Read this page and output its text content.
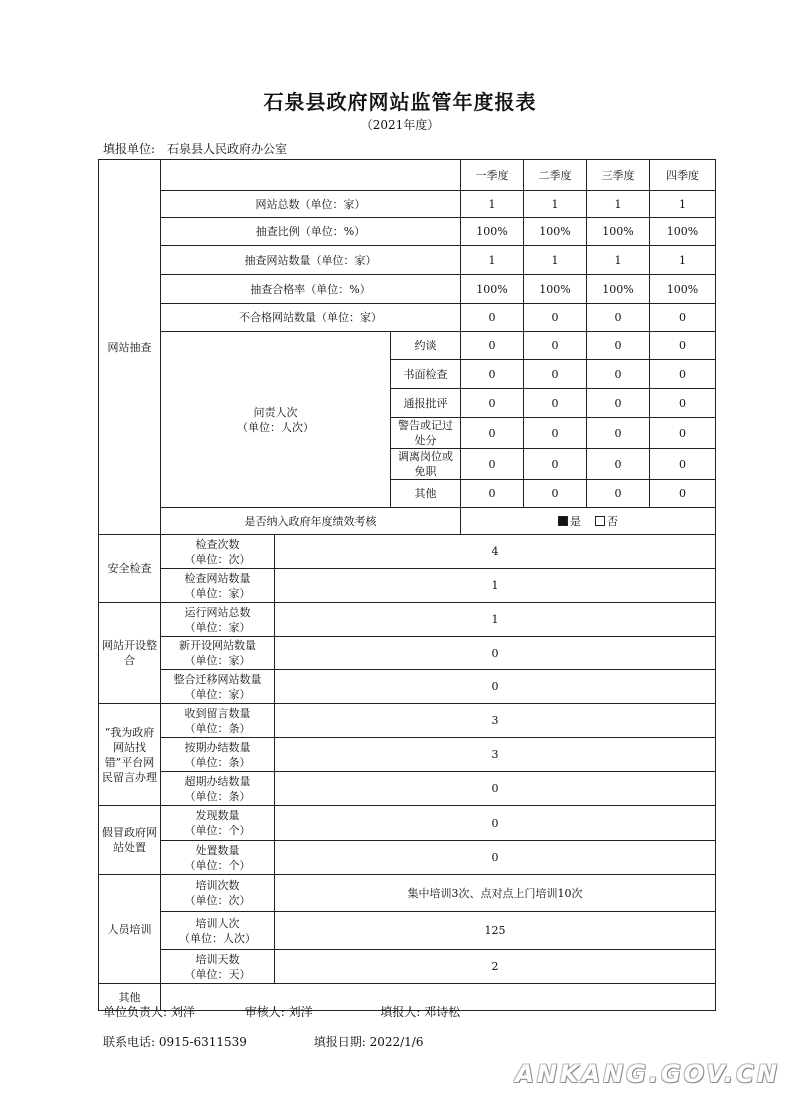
石泉县政府网站监管年度报表
（2021年度）
填报单位: 石泉县人民政府办公室
网站抽查				一季度	二季度	三季度	四季度	
	网站总数（单位：家）			1	1	1	1	
	抽查比例（单位：%）			100%	100%	100%	100%	
	抽查网站数量（单位：家）			1	1	1	1	
	抽查合格率（单位：%）			100%	100%	100%	100%	
	不合格网站数量（单位：家）			0	0	0	0	

	问责人次
（单位：人次）		约谈	0	0	0	0	
			书面检查	0	0	0	0	
			通报批评	0	0	0	0	
			警告或记过处分	0	0	0	0	
			调离岗位或免职	0	0	0	0	
			其他	0	0	0	0	
	是否纳入政府年度绩效考核			是 否				
安全检查	检查次数
（单位：次）	4						

	检查网站数量
（单位：家）	1						
网站开设整合	运行网站总数
（单位：家）	1						

	新开设网站数量
（单位：家）	0						

	整合迁移网站数量
（单位：家）	0						
“我为政府网站找错”平台网民留言办理	收到留言数量
（单位：条）	3						

	按期办结数量
（单位：条）	3						

	超期办结数量
（单位：条）	0						
假冒政府网站处置	发现数量
（单位：个）	0						

	处置数量
（单位：个）	0						
人员培训	培训次数
（单位：次）	集中培训3次、点对点上门培训10次						

	培训人次
（单位：人次）	125						

	培训天数
（单位：天）	2						
其他								
单位负责人: 刘洋	审核人: 刘洋	填报人: 邓诗松
联系电话: 0915-6311539	填报日期: 2022/1/6
ANKANG.GOV.CN
